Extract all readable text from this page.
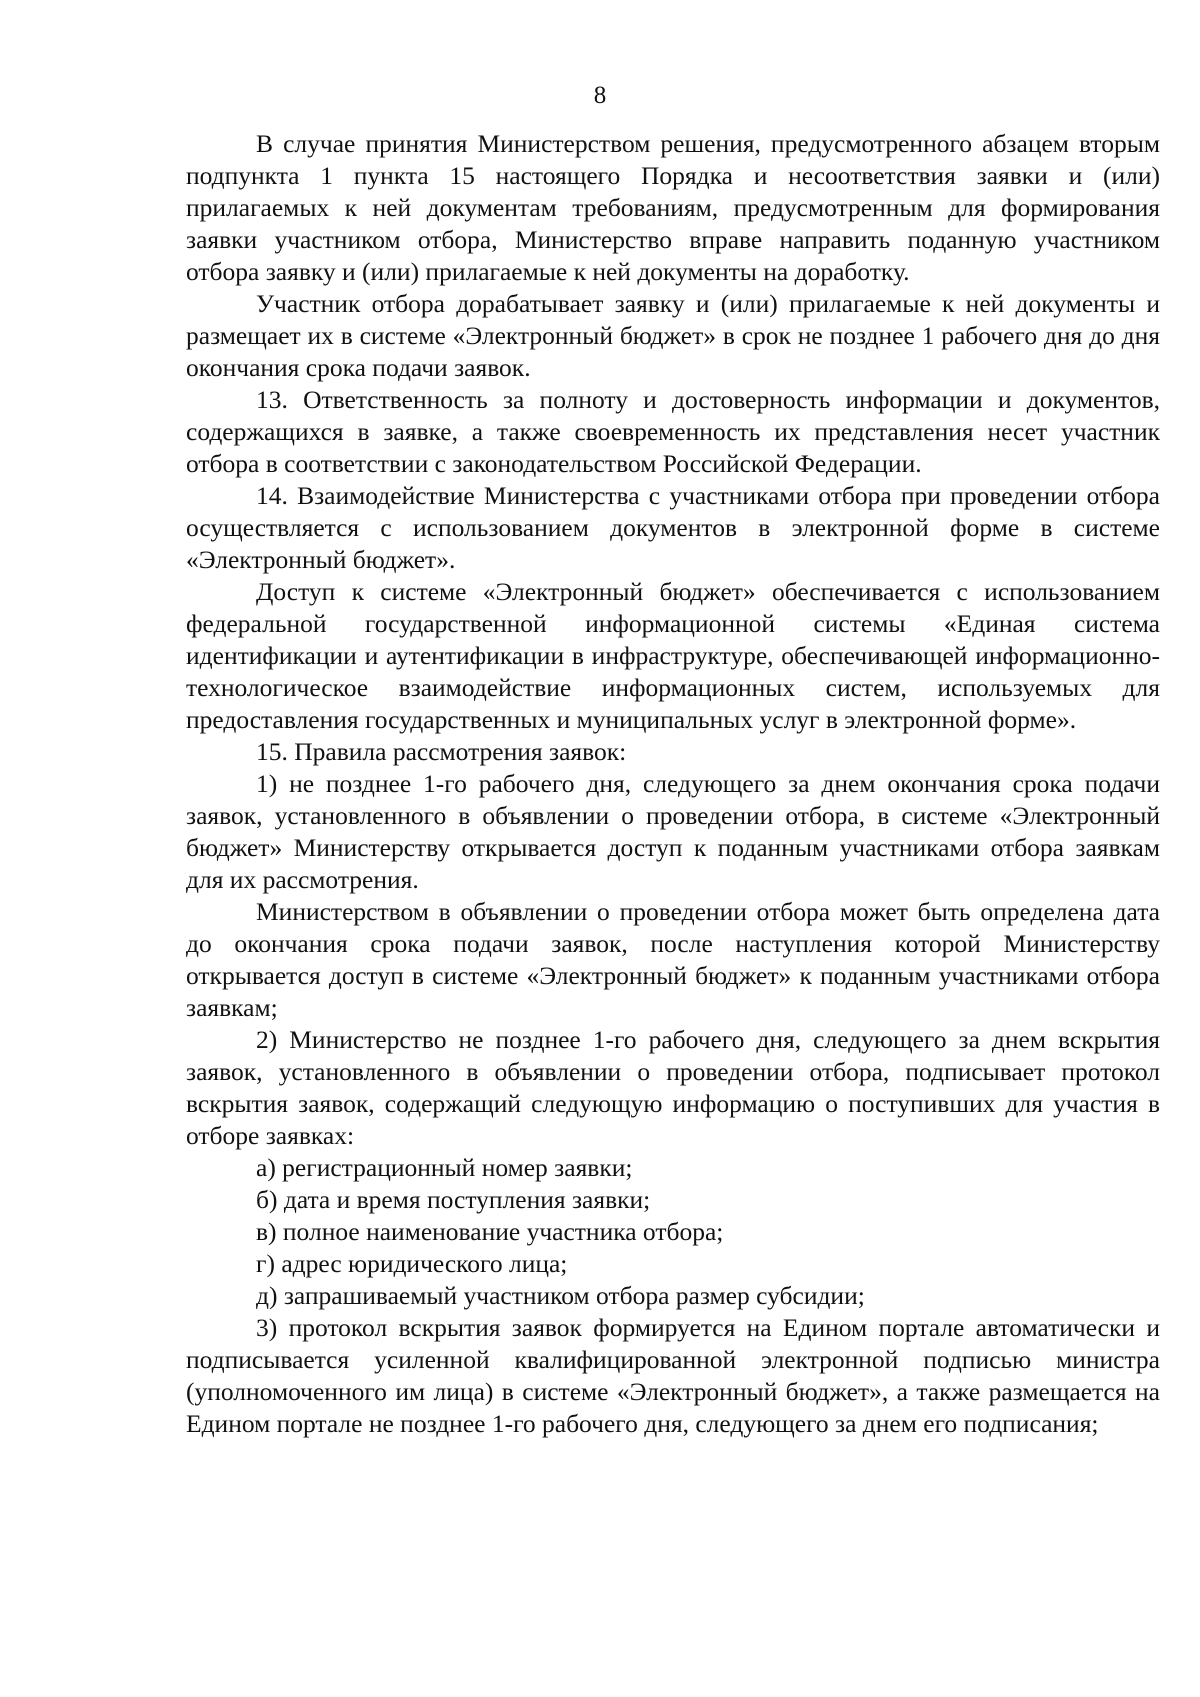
8

В случае принятия Министерством решения, предусмотренного абзацем вторым подпункта 1 пункта 15 настоящего Порядка и несоответствия заявки и (или) прилагаемых к ней документам требованиям, предусмотренным для формирования заявки участником отбора, Министерство вправе направить поданную участником отбора заявку и (или) прилагаемые к ней документы на доработку.

Участник отбора дорабатывает заявку и (или) прилагаемые к ней документы и размещает их в системе «Электронный бюджет» в срок не позднее 1 рабочего дня до дня окончания срока подачи заявок.

13. Ответственность за полноту и достоверность информации и документов, содержащихся в заявке, а также своевременность их представления несет участник отбора в соответствии с законодательством Российской Федерации.

14. Взаимодействие Министерства с участниками отбора при проведении отбора осуществляется с использованием документов в электронной форме в системе «Электронный бюджет».

Доступ к системе «Электронный бюджет» обеспечивается с использованием федеральной государственной информационной системы «Единая система идентификации и аутентификации в инфраструктуре, обеспечивающей информационно-технологическое взаимодействие информационных систем, используемых для предоставления государственных и муниципальных услуг в электронной форме».

15. Правила рассмотрения заявок:

1) не позднее 1-го рабочего дня, следующего за днем окончания срока подачи заявок, установленного в объявлении о проведении отбора, в системе «Электронный бюджет» Министерству открывается доступ к поданным участниками отбора заявкам для их рассмотрения.

Министерством в объявлении о проведении отбора может быть определена дата до окончания срока подачи заявок, после наступления которой Министерству открывается доступ в системе «Электронный бюджет» к поданным участниками отбора заявкам;

2) Министерство не позднее 1-го рабочего дня, следующего за днем вскрытия заявок, установленного в объявлении о проведении отбора, подписывает протокол вскрытия заявок, содержащий следующую информацию о поступивших для участия в отборе заявках:

а) регистрационный номер заявки;

б) дата и время поступления заявки;

в) полное наименование участника отбора;

г) адрес юридического лица;

д) запрашиваемый участником отбора размер субсидии;

3) протокол вскрытия заявок формируется на Едином портале автоматически и подписывается усиленной квалифицированной электронной подписью министра (уполномоченного им лица) в системе «Электронный бюджет», а также размещается на Едином портале не позднее 1-го рабочего дня, следующего за днем его подписания;
